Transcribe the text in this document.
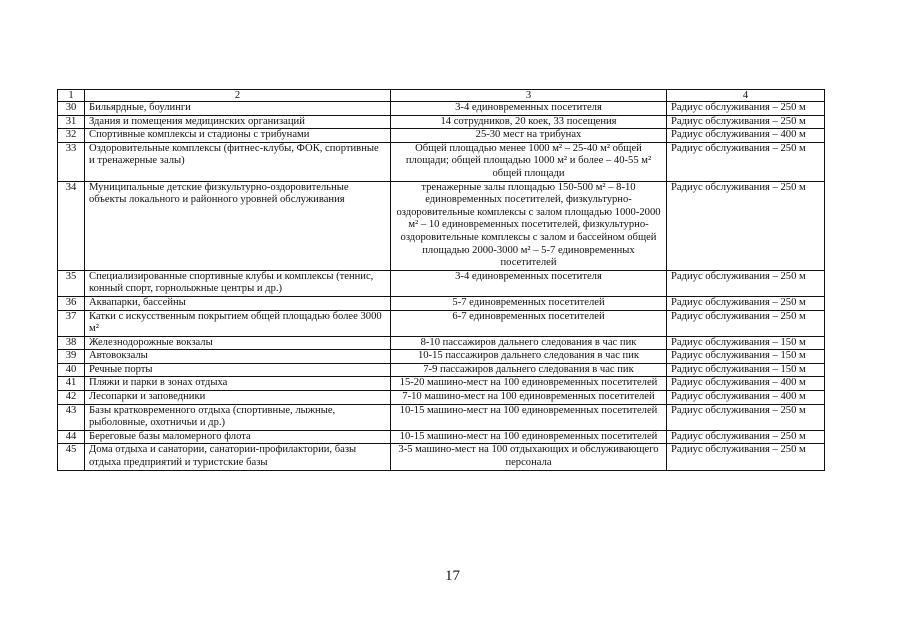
1	2	3	4
30	Бильярдные, боулинги	3-4 единовременных посетителя	Радиус обслуживания – 250 м
31	Здания и помещения медицинских организаций	14 сотрудников, 20 коек, 33 посещения	Радиус обслуживания – 250 м
32	Спортивные комплексы и стадионы с трибунами	25-30 мест на трибунах	Радиус обслуживания – 400 м
33	Оздоровительные комплексы (фитнес-клубы, ФОК, спортивные и тренажерные залы)	Общей площадью менее 1000 м² – 25-40 м² общей площади; общей площадью 1000 м² и более – 40-55 м² общей площади	Радиус обслуживания – 250 м
34	Муниципальные детские физкультурно-оздоровительные объекты локального и районного уровней обслуживания	тренажерные залы площадью 150-500 м² – 8-10 единовременных посетителей, физкультурно-оздоровительные комплексы с залом площадью 1000-2000 м² – 10 единовременных посетителей, физкультурно-оздоровительные комплексы с залом и бассейном общей площадью 2000-3000 м² – 5-7 единовременных посетителей	Радиус обслуживания – 250 м
35	Специализированные спортивные клубы и комплексы (теннис, конный спорт, горнолыжные центры и др.)	3-4 единовременных посетителя	Радиус обслуживания – 250 м
36	Аквапарки, бассейны	5-7 единовременных посетителей	Радиус обслуживания – 250 м
37	Катки с искусственным покрытием общей площадью более 3000 м²	6-7 единовременных посетителей	Радиус обслуживания – 250 м
38	Железнодорожные вокзалы	8-10 пассажиров дальнего следования в час пик	Радиус обслуживания – 150 м
39	Автовокзалы	10-15 пассажиров дальнего следования в час пик	Радиус обслуживания – 150 м
40	Речные порты	7-9 пассажиров дальнего следования в час пик	Радиус обслуживания – 150 м
41	Пляжи и парки в зонах отдыха	15-20 машино-мест на 100 единовременных посетителей	Радиус обслуживания – 400 м
42	Лесопарки и заповедники	7-10 машино-мест на 100 единовременных посетителей	Радиус обслуживания – 400 м
43	Базы кратковременного отдыха (спортивные, лыжные, рыболовные, охотничьи и др.)	10-15 машино-мест на 100 единовременных посетителей	Радиус обслуживания – 250 м
44	Береговые базы маломерного флота	10-15 машино-мест на 100 единовременных посетителей	Радиус обслуживания – 250 м
45	Дома отдыха и санатории, санатории-профилактории, базы отдыха предприятий и туристские базы	3-5 машино-мест на 100 отдыхающих и обслуживающего персонала	Радиус обслуживания – 250 м
17
